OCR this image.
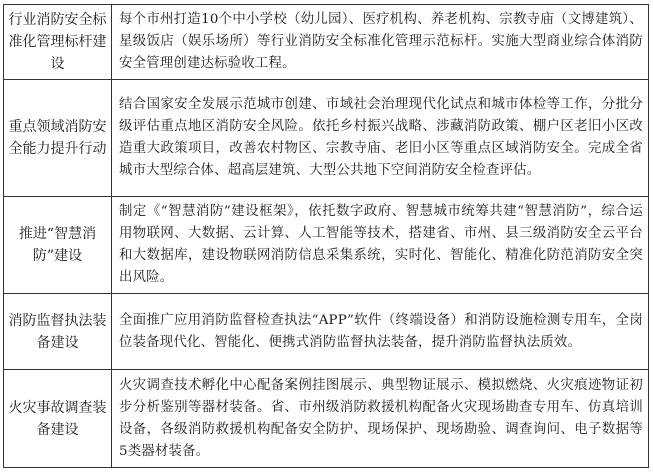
行业消防安全标准化管理标杆建设	每个市州打造10个中小学校（幼儿园）、医疗机构、养老机构、宗教寺庙（文博建筑）、星级饭店（娱乐场所）等行业消防安全标准化管理示范标杆。实施大型商业综合体消防安全管理创建达标验收工程。

重点领域消防安全能力提升行动	结合国家安全发展示范城市创建、市域社会治理现代化试点和城市体检等工作，分批分级评估重点地区消防安全风险。依托乡村振兴战略、涉藏消防政策、棚户区老旧小区改造重大政策项目，改善农村物区、宗教寺庙、老旧小区等重点区域消防安全。完成全省城市大型综合体、超高层建筑、大型公共地下空间消防安全检查评估。

推进“智慧消防”建设	制定《“智慧消防”建设框架》，依托数字政府、智慧城市统筹共建“智慧消防”，综合运用物联网、大数据、云计算、人工智能等技术，搭建省、市州、县三级消防安全云平台和大数据库，建设物联网消防信息采集系统，实时化、智能化、精准化防范消防安全突出风险。

消防监督执法装备建设	全面推广应用消防监督检查执法“APP”软件（终端设备）和消防设施检测专用车，全岗位装备现代化、智能化、便携式消防监督执法装备，提升消防监督执法质效。

火灾事故调查装备建设	火灾调查技术孵化中心配备案例挂图展示、典型物证展示、模拟燃烧、火灾痕迹物证初步分析鉴别等器材装备。省、市州级消防救援机构配备火灾现场勘查专用车、仿真培训设备，各级消防救援机构配备安全防护、现场保护、现场勘验、调查询问、电子数据等5类器材装备。
